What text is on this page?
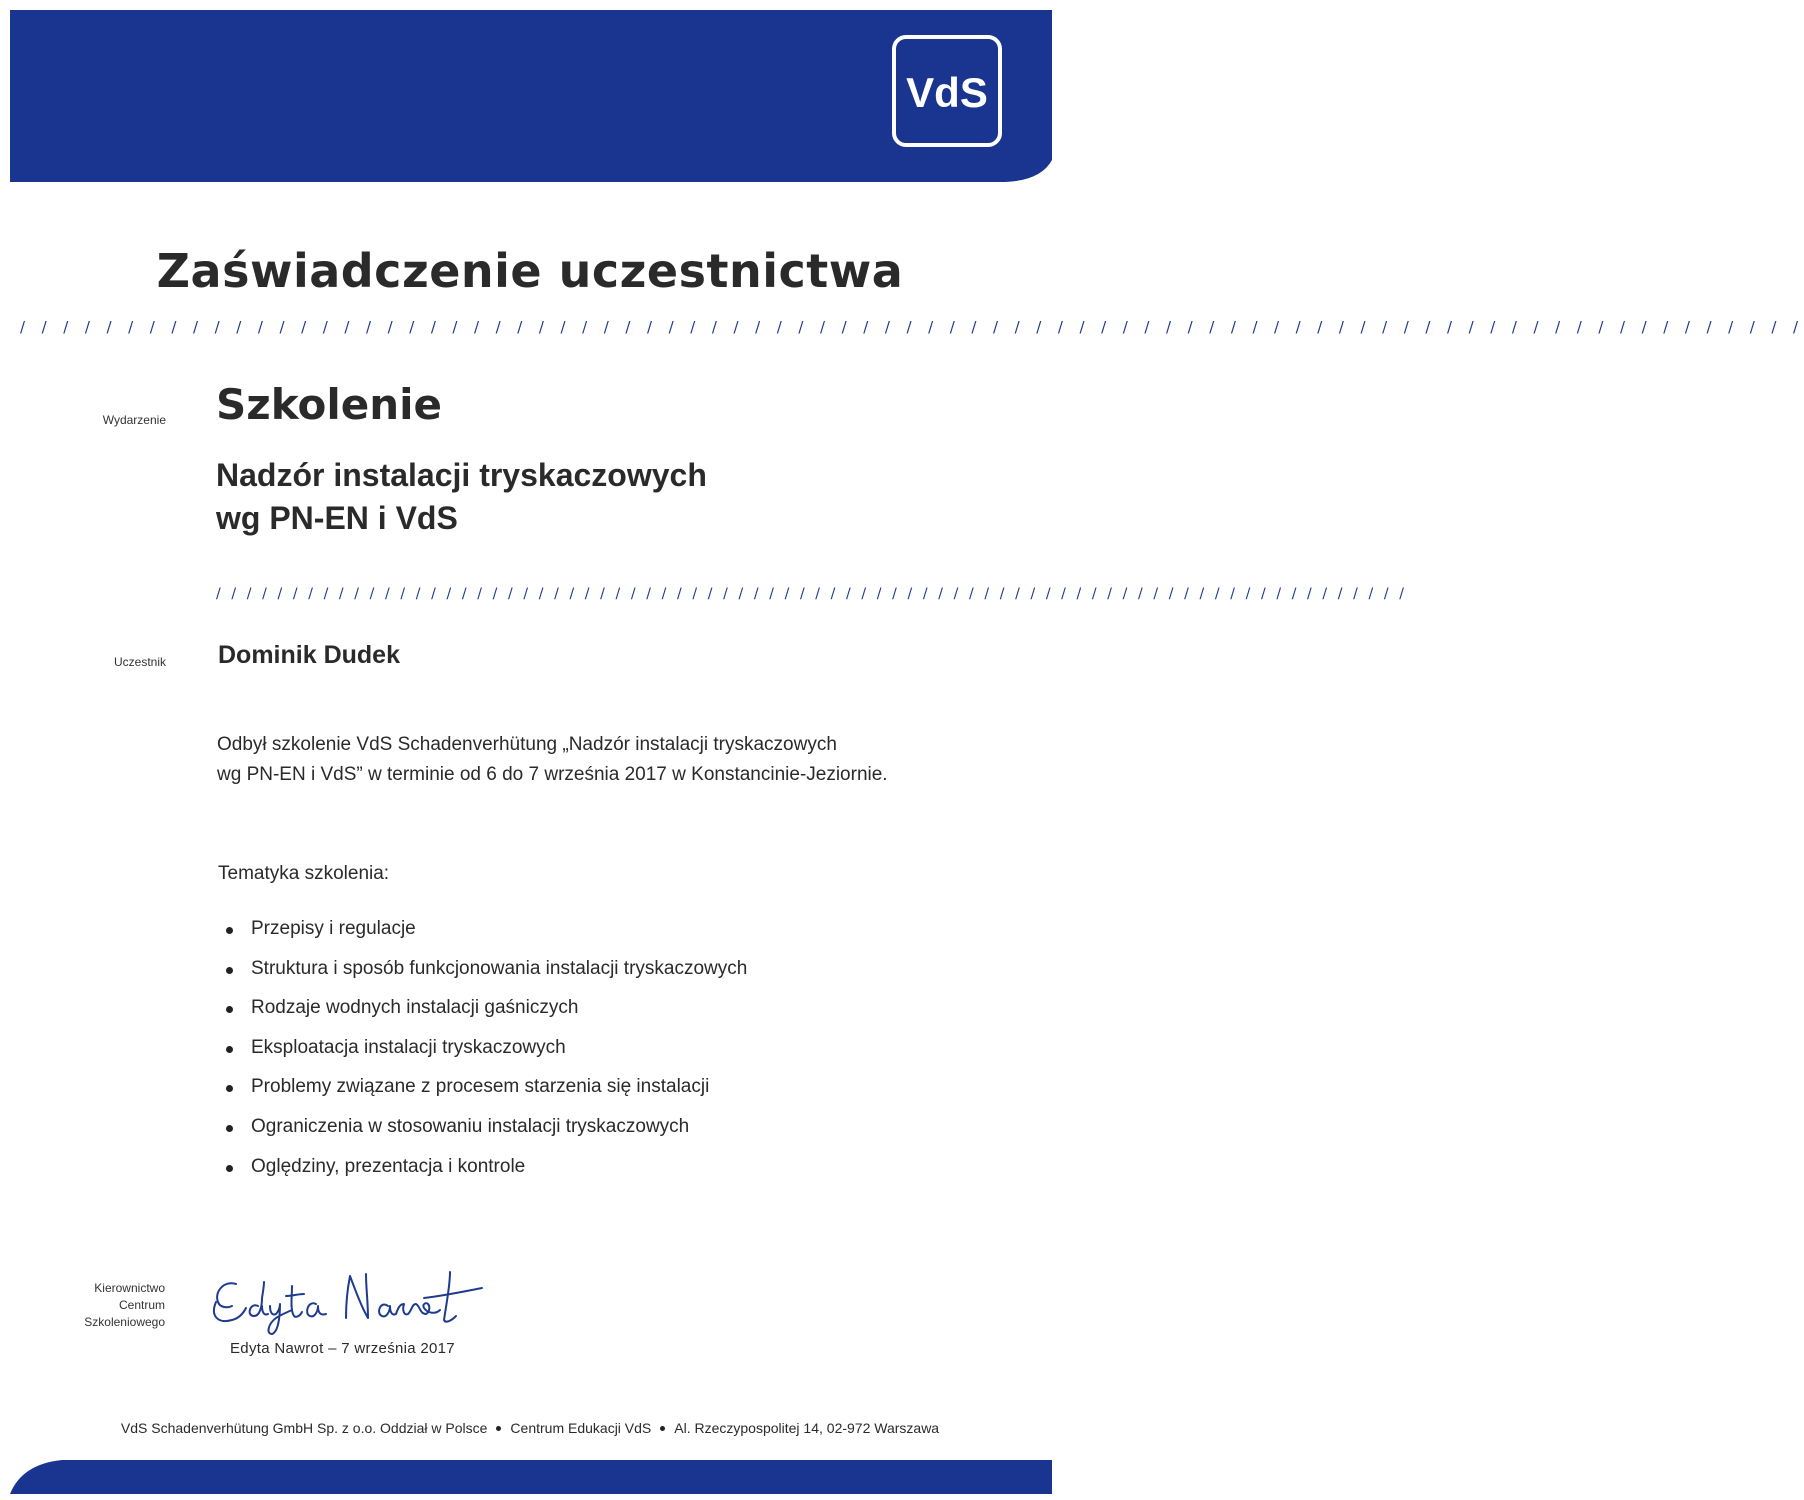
VdS
Zaświadczenie uczestnictwa
/ / / / / / / / / / / / / / / / / / / / / / / / / / / / / / / / / / / / / / / / / / / / / / / / / / / / / / / / / / / / / / / / / / / / / / / / / / / / / / / / / / /
Wydarzenie Szkolenie
Nadzór instalacji tryskaczowych
wg PN-EN i VdS
/ / / / / / / / / / / / / / / / / / / / / / / / / / / / / / / / / / / / / / / / / / / / / / / / / / / / / / / / / / / / / / / / / / / / / / / / / / / / / /
Uczestnik Dominik Dudek
Odbył szkolenie VdS Schadenverhütung „Nadzór instalacji tryskaczowych
wg PN-EN i VdS” w terminie od 6 do 7 września 2017 w Konstancinie-Jeziornie.
Tematyka szkolenia:
Przepisy i regulacje
Struktura i sposób funkcjonowania instalacji tryskaczowych
Rodzaje wodnych instalacji gaśniczych
Eksploatacja instalacji tryskaczowych
Problemy związane z procesem starzenia się instalacji
Ograniczenia w stosowaniu instalacji tryskaczowych
Oględziny, prezentacja i kontrole
Kierownictwo
Centrum
Szkoleniowego
Edyta Nawrot – 7 września 2017
VdS Schadenverhütung GmbH Sp. z o.o. Oddział w Polsce Centrum Edukacji VdS Al. Rzeczypospolitej 14, 02-972 Warszawa
